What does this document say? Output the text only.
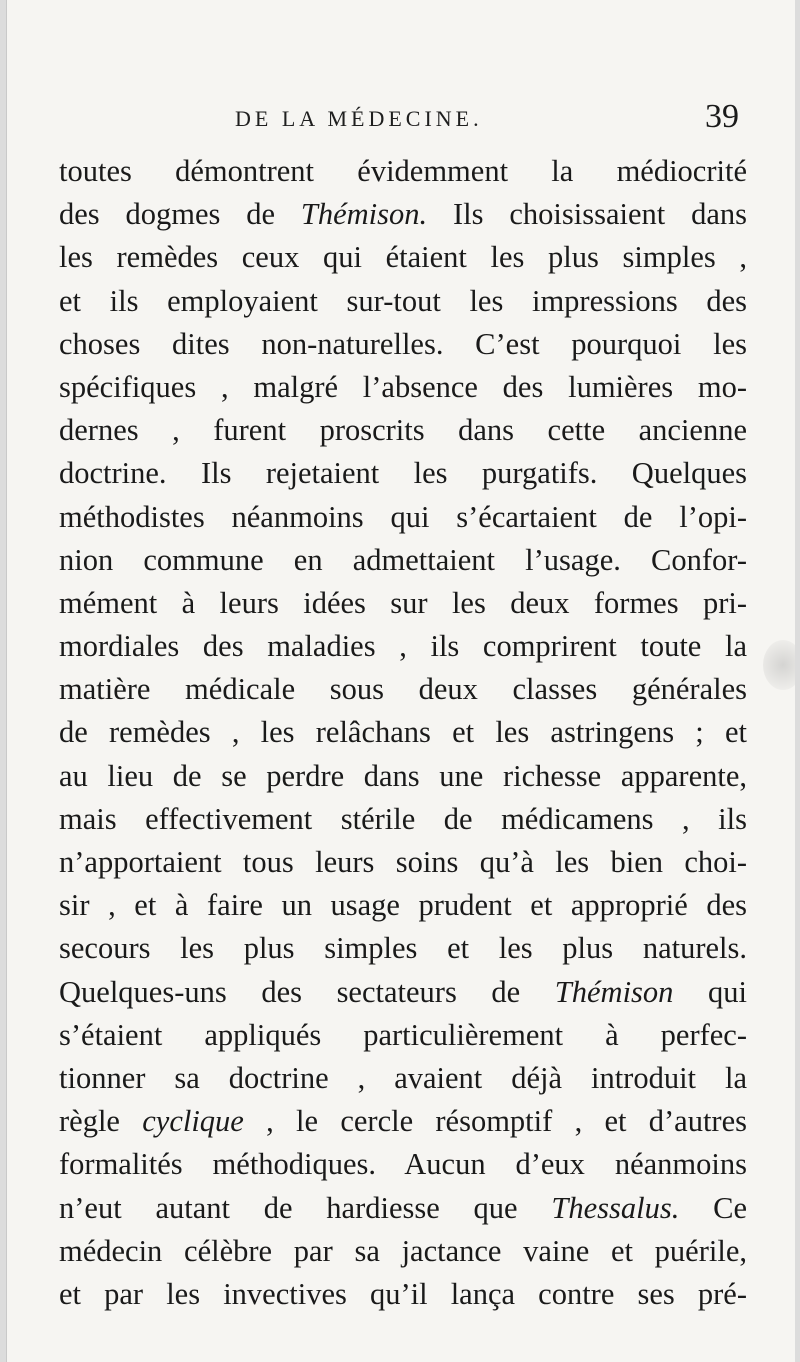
DE LA MÉDECINE.	39
toutes démontrent évidemment la médiocrité
des dogmes de Thémison. Ils choisissaient dans
les remèdes ceux qui étaient les plus simples ,
et ils employaient sur-tout les impressions des
choses dites non-naturelles. C’est pourquoi les
spécifiques , malgré l’absence des lumières mo-
dernes , furent proscrits dans cette ancienne
doctrine. Ils rejetaient les purgatifs. Quelques
méthodistes néanmoins qui s’écartaient de l’opi-
nion commune en admettaient l’usage. Confor-
mément à leurs idées sur les deux formes pri-
mordiales des maladies , ils comprirent toute la
matière médicale sous deux classes générales
de remèdes , les relâchans et les astringens ; et
au lieu de se perdre dans une richesse apparente,
mais effectivement stérile de médicamens , ils
n’apportaient tous leurs soins qu’à les bien choi-
sir , et à faire un usage prudent et approprié des
secours les plus simples et les plus naturels.
Quelques-uns des sectateurs de Thémison qui
s’étaient appliqués particulièrement à perfec-
tionner sa doctrine , avaient déjà introduit la
règle cyclique , le cercle résomptif , et d’autres
formalités méthodiques. Aucun d’eux néanmoins
n’eut autant de hardiesse que Thessalus. Ce
médecin célèbre par sa jactance vaine et puérile,
et par les invectives qu’il lança contre ses pré-
